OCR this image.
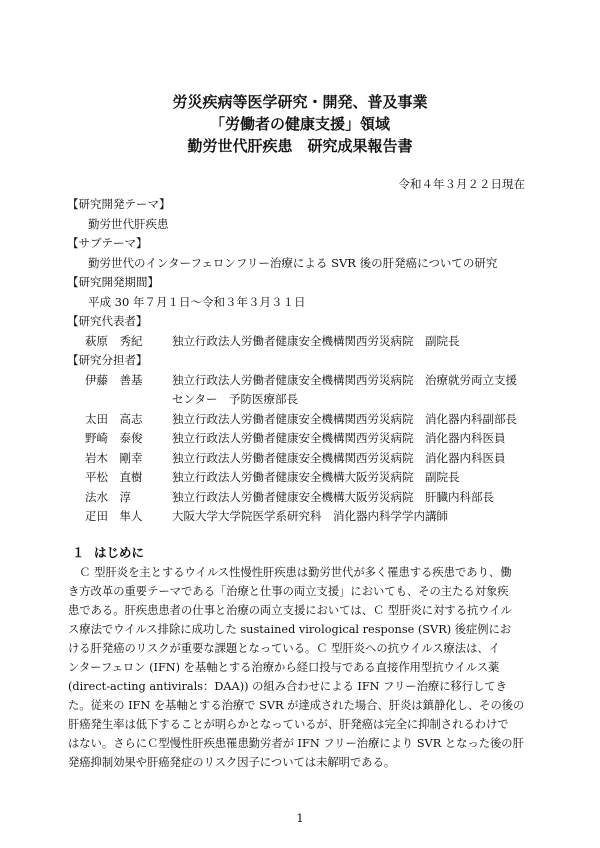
労災疾病等医学研究・開発、普及事業
「労働者の健康支援」領域
勤労世代肝疾患　研究成果報告書
令和４年３月２２日現在
【研究開発テーマ】
勤労世代肝疾患
【サブテーマ】
勤労世代のインターフェロンフリー治療による SVR 後の肝発癌についての研究
【研究開発期間】
平成 30 年７月１日～令和３年３月３１日
【研究代表者】
萩原　秀紀	独立行政法人労働者健康安全機構関西労災病院　副院長
【研究分担者】
伊藤　善基	独立行政法人労働者健康安全機構関西労災病院　治療就労両立支援
センター　予防医療部長
太田　高志	独立行政法人労働者健康安全機構関西労災病院　消化器内科副部長
野崎　泰俊	独立行政法人労働者健康安全機構関西労災病院　消化器内科医員
岩木　剛幸	独立行政法人労働者健康安全機構関西労災病院　消化器内科医員
平松　直樹	独立行政法人労働者健康安全機構大阪労災病院　副院長
法水　淳	独立行政法人労働者健康安全機構大阪労災病院　肝臓内科部長
疋田　隼人	大阪大学大学院医学系研究科　消化器内科学学内講師
１ はじめに
　Ｃ 型肝炎を主とするウイルス性慢性肝疾患は勤労世代が多く罹患する疾患であり、働
き方改革の重要テーマである「治療と仕事の両立支援」においても、その主たる対象疾
患である。肝疾患患者の仕事と治療の両立支援においては、Ｃ 型肝炎に対する抗ウイル
ス療法でウイルス排除に成功した sustained virological response (SVR) 後症例にお
ける肝発癌のリスクが重要な課題となっている。Ｃ 型肝炎への抗ウイルス療法は、イ
ンターフェロン (IFN) を基軸とする治療から経口投与である直接作用型抗ウイルス薬
(direct-acting antivirals：DAA)) の組み合わせによる IFN フリー治療に移行してき
た。従来の IFN を基軸とする治療で SVR が達成された場合、肝炎は鎮静化し、その後の
肝癌発生率は低下することが明らかとなっているが、肝発癌は完全に抑制されるわけで
はない。さらにＣ型慢性肝疾患罹患勤労者が IFN フリー治療により SVR となった後の肝
発癌抑制効果や肝癌発症のリスク因子については未解明である。
1
